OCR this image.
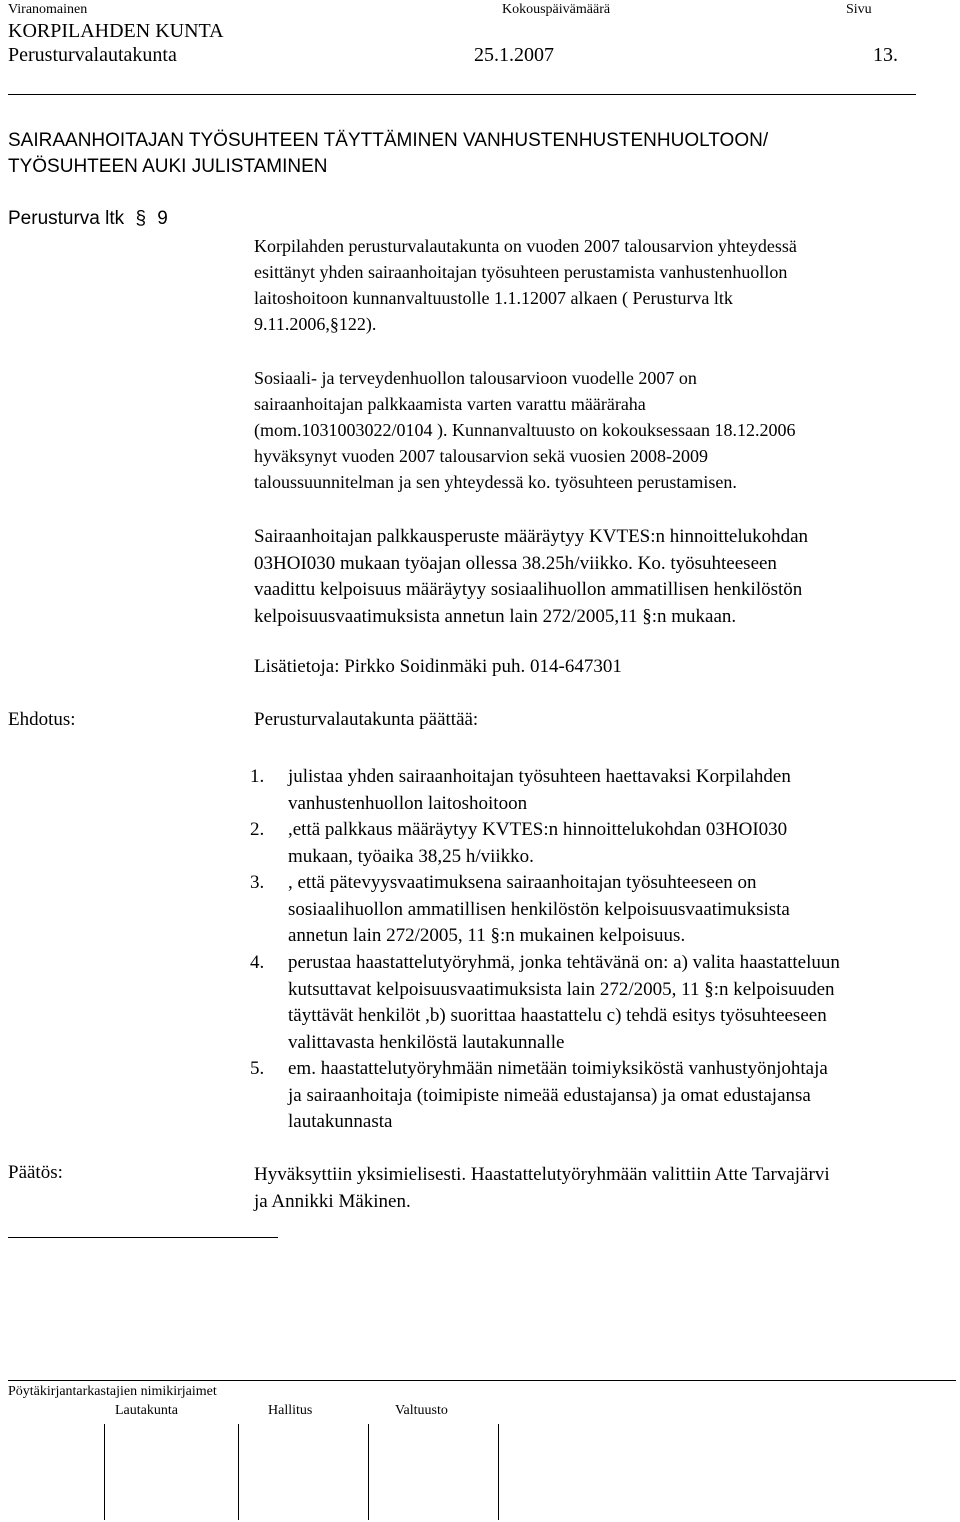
Viranomainen	Kokouspäivämäärä	Sivu
KORPILAHDEN KUNTA
Perusturvalautakunta	25.1.2007	13.
SAIRAANHOITAJAN TYÖSUHTEEN TÄYTTÄMINEN VANHUSTENHUSTENHUOLTOON/
TYÖSUHTEEN AUKI JULISTAMINEN
Perusturva ltk § 9
Korpilahden perusturvalautakunta on vuoden 2007 talousarvion yhteydessä
esittänyt yhden sairaanhoitajan työsuhteen perustamista vanhustenhuollon
laitoshoitoon kunnanvaltuustolle 1.1.12007 alkaen ( Perusturva ltk
9.11.2006,§122).
Sosiaali- ja terveydenhuollon talousarvioon vuodelle 2007 on
sairaanhoitajan palkkaamista varten varattu määräraha
(mom.1031003022/0104 ). Kunnanvaltuusto on kokouksessaan 18.12.2006
hyväksynyt vuoden 2007 talousarvion sekä vuosien 2008-2009
taloussuunnitelman ja sen yhteydessä ko. työsuhteen perustamisen.
Sairaanhoitajan palkkausperuste määräytyy KVTES:n hinnoittelukohdan
03HOI030 mukaan työajan ollessa 38.25h/viikko. Ko. työsuhteeseen
vaadittu kelpoisuus määräytyy sosiaalihuollon ammatillisen henkilöstön
kelpoisuusvaatimuksista annetun lain 272/2005,11 §:n mukaan.
Lisätietoja: Pirkko Soidinmäki puh. 014-647301
Ehdotus:	Perusturvalautakunta päättää:
1. julistaa yhden sairaanhoitajan työsuhteen haettavaksi Korpilahden
vanhustenhuollon laitoshoitoon
2. ,että palkkaus määräytyy KVTES:n hinnoittelukohdan 03HOI030
mukaan, työaika 38,25 h/viikko.
3. , että pätevyysvaatimuksena sairaanhoitajan työsuhteeseen on
sosiaalihuollon ammatillisen henkilöstön kelpoisuusvaatimuksista
annetun lain 272/2005, 11 §:n mukainen kelpoisuus.
4. perustaa haastattelutyöryhmä, jonka tehtävänä on: a) valita haastatteluun
kutsuttavat kelpoisuusvaatimuksista lain 272/2005, 11 §:n kelpoisuuden
täyttävät henkilöt ,b) suorittaa haastattelu c) tehdä esitys työsuhteeseen
valittavasta henkilöstä lautakunnalle
5. em. haastattelutyöryhmään nimetään toimiyksiköstä vanhustyönjohtaja
ja sairaanhoitaja (toimipiste nimeää edustajansa) ja omat edustajansa
lautakunnasta
Päätös:	Hyväksyttiin yksimielisesti. Haastattelutyöryhmään valittiin Atte Tarvajärvi
ja Annikki Mäkinen.
Pöytäkirjantarkastajien nimikirjaimet
Lautakunta	Hallitus	Valtuusto
